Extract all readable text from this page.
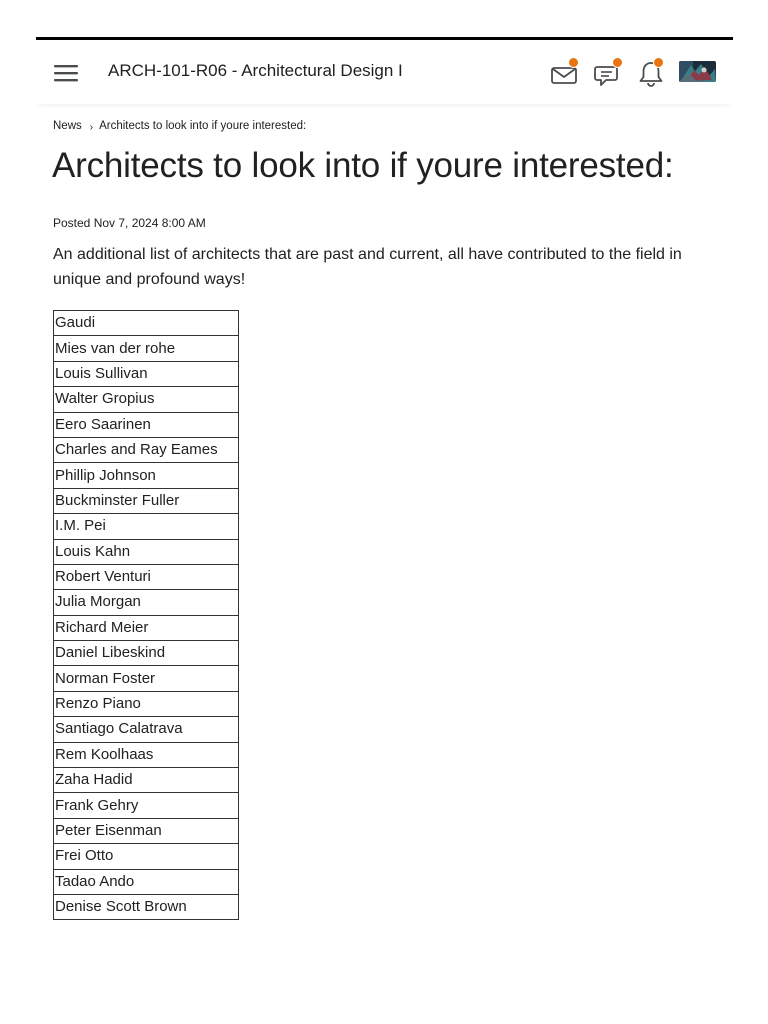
ARCH-101-R06 - Architectural Design I
News › Architects to look into if youre interested:
Architects to look into if youre interested:
Posted Nov 7, 2024 8:00 AM

An additional list of architects that are past and current, all have contributed to the field in unique and profound ways!

Gaudi
Mies van der rohe
Louis Sullivan
Walter Gropius
Eero Saarinen
Charles and Ray Eames
Phillip Johnson
Buckminster Fuller
I.M. Pei
Louis Kahn
Robert Venturi
Julia Morgan
Richard Meier
Daniel Libeskind
Norman Foster
Renzo Piano
Santiago Calatrava
Rem Koolhaas
Zaha Hadid
Frank Gehry
Peter Eisenman
Frei Otto
Tadao Ando
Denise Scott Brown
